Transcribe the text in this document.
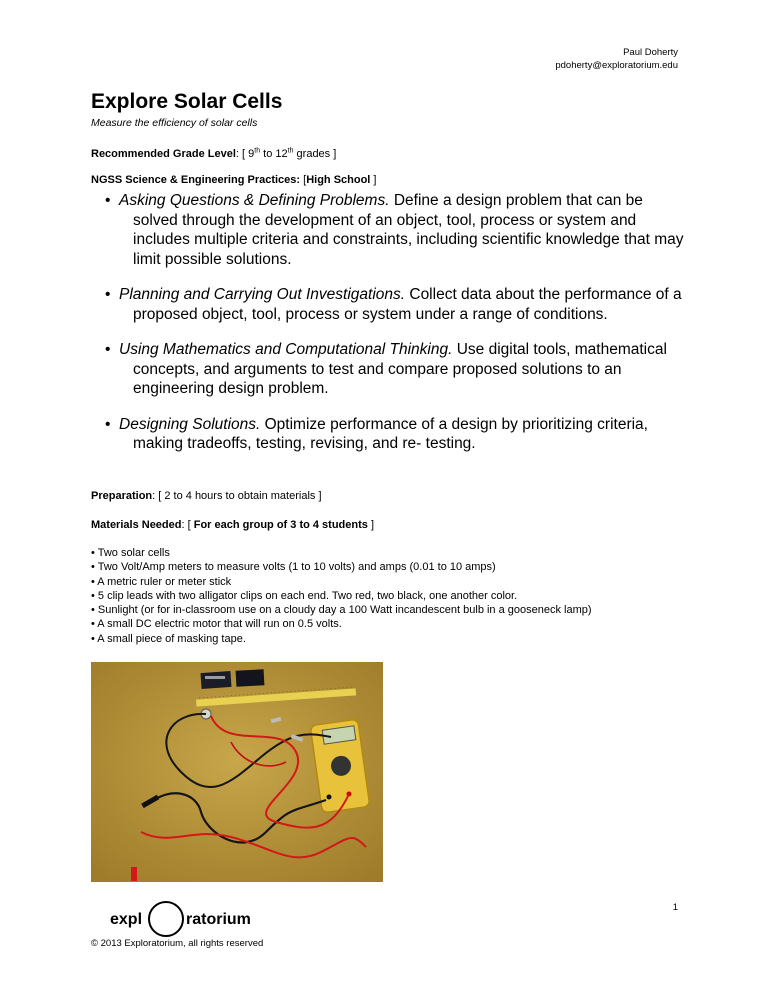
Paul Doherty
pdoherty@exploratorium.edu
Explore Solar Cells
Measure the efficiency of solar cells
Recommended Grade Level: [ 9th to 12th grades ]
NGSS Science & Engineering Practices: [High School ]
• Asking Questions & Defining Problems. Define a design problem that can be solved through the development of an object, tool, process or system and includes multiple criteria and constraints, including scientific knowledge that may limit possible solutions.
• Planning and Carrying Out Investigations. Collect data about the performance of a proposed object, tool, process or system under a range of conditions.
• Using Mathematics and Computational Thinking. Use digital tools, mathematical concepts, and arguments to test and compare proposed solutions to an engineering design problem.
• Designing Solutions. Optimize performance of a design by prioritizing criteria, making tradeoffs, testing, revising, and re- testing.
Preparation: [ 2 to 4 hours to obtain materials ]
Materials Needed: [ For each group of 3 to 4 students ]
• Two solar cells
• Two Volt/Amp meters to measure volts (1 to 10 volts) and amps (0.01 to 10 amps)
• A metric ruler or meter stick
• 5 clip leads with two alligator clips on each end. Two red, two black, one another color.
• Sunlight (or for in-classroom use on a cloudy day a 100 Watt incandescent bulb in a gooseneck lamp)
• A small DC electric motor that will run on 0.5 volts.
• A small piece of masking tape.
1
expl	ratorium
© 2013 Exploratorium, all rights reserved
